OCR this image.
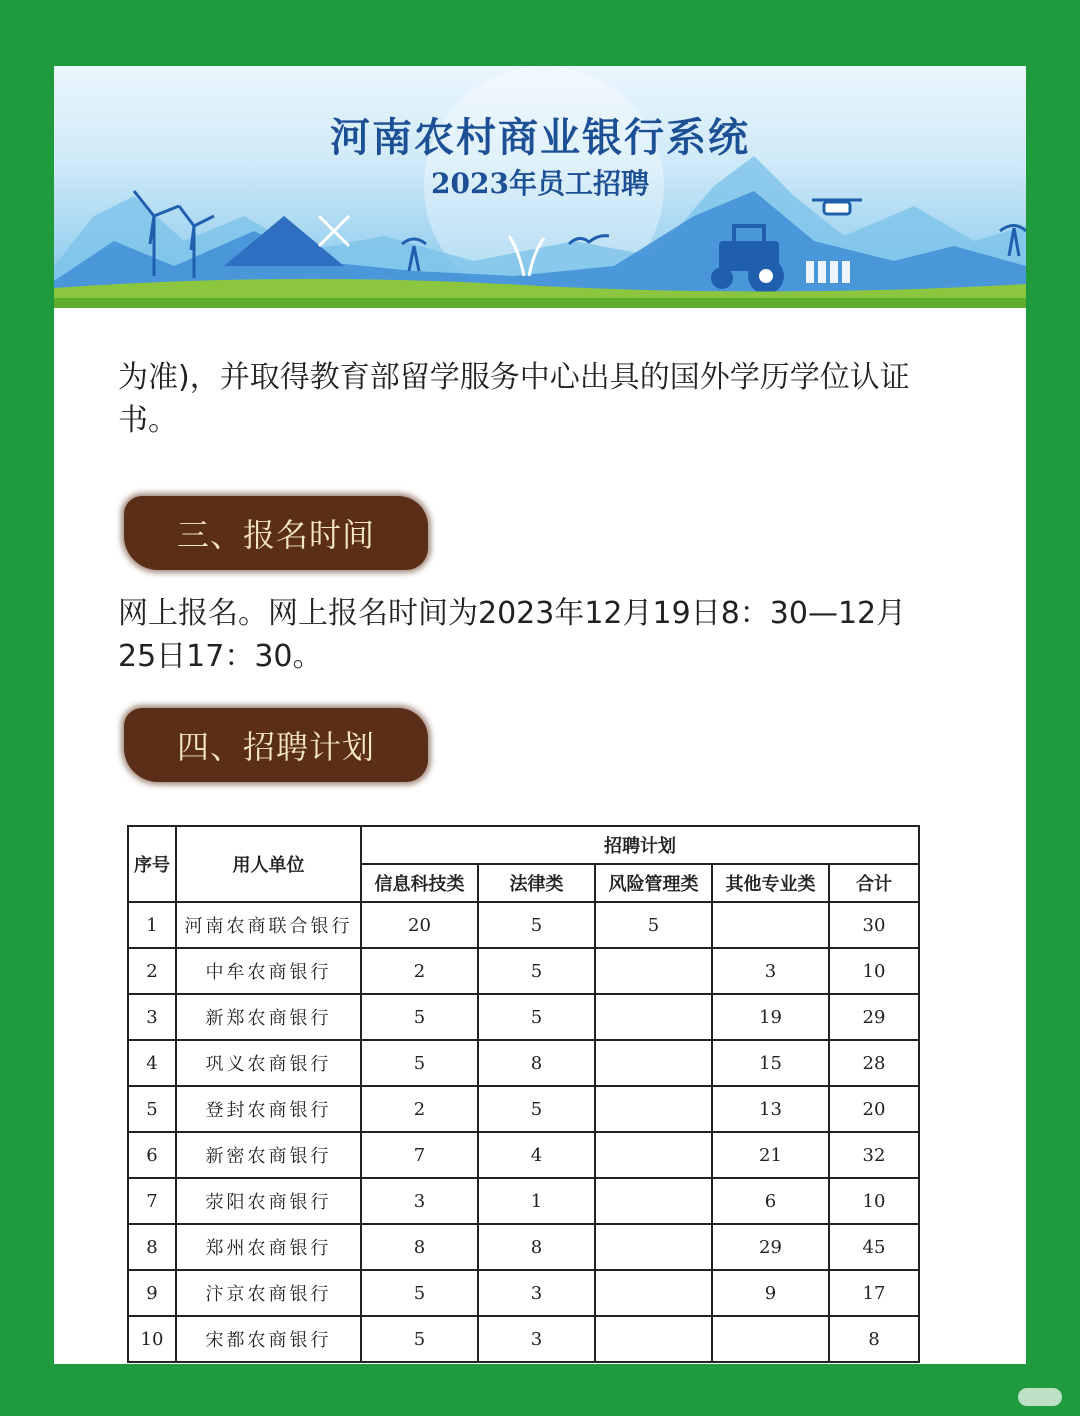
河南农村商业银行系统
2023年员工招聘
为准)，并取得教育部留学服务中心出具的国外学历学位认证书。
三、报名时间
网上报名。网上报名时间为2023年12月19日8：30—12月25日17：30。
四、招聘计划
序号	用人单位	招聘计划				
		信息科技类	法律类	风险管理类	其他专业类	合计
1	河南农商联合银行	20	5	5		30
2	中牟农商银行	2	5		3	10
3	新郑农商银行	5	5		19	29
4	巩义农商银行	5	8		15	28
5	登封农商银行	2	5		13	20
6	新密农商银行	7	4		21	32
7	荥阳农商银行	3	1		6	10
8	郑州农商银行	8	8		29	45
9	汴京农商银行	5	3		9	17
10	宋都农商银行	5	3			8
